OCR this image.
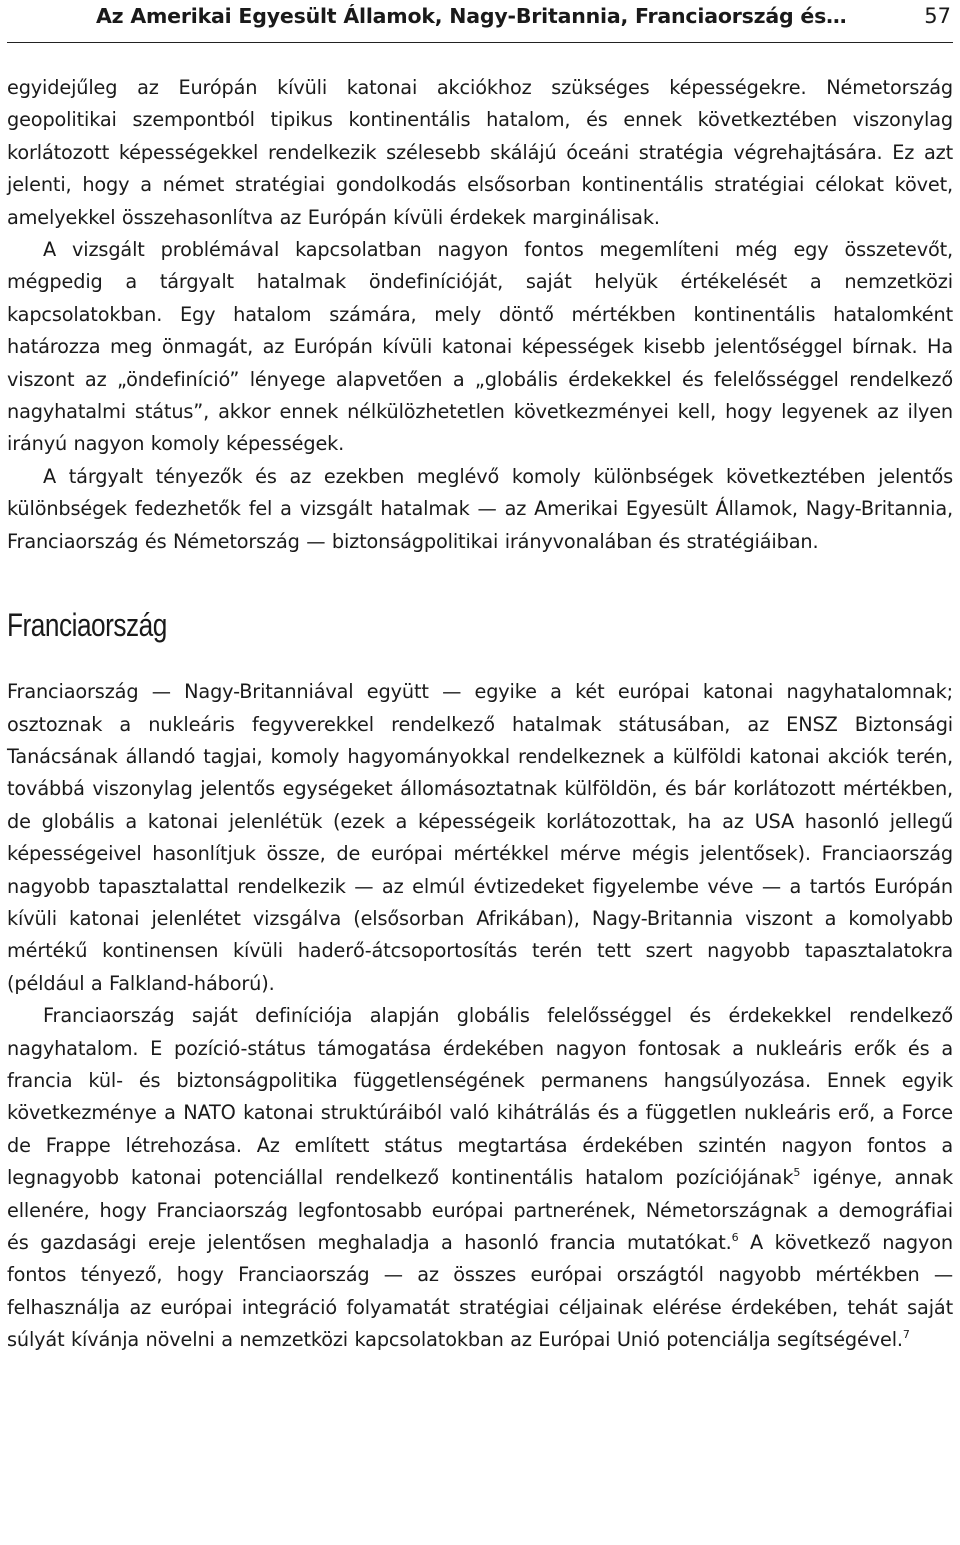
Az Amerikai Egyesült Államok, Nagy-Britannia, Franciaország és…	57

egyidejűleg az Európán kívüli katonai akciókhoz szükséges képességekre. Németország geopolitikai szempontból tipikus kontinentális hatalom, és ennek következtében viszonylag korlátozott képességekkel rendelkezik szélesebb skálájú óceáni stratégia végrehajtására. Ez azt jelenti, hogy a német stratégiai gondolkodás elsősorban kontinentális stratégiai célokat követ, amelyekkel összehasonlítva az Európán kívüli érdekek marginálisak.

A vizsgált problémával kapcsolatban nagyon fontos megemlíteni még egy összetevőt, mégpedig a tárgyalt hatalmak öndefinícióját, saját helyük értékelését a nemzetközi kapcsolatokban. Egy hatalom számára, mely döntő mértékben kontinentális hatalomként határozza meg önmagát, az Európán kívüli katonai képességek kisebb jelentőséggel bírnak. Ha viszont az „öndefiníció” lényege alapvetően a „globális érdekekkel és felelősséggel rendelkező nagyhatalmi státus”, akkor ennek nélkülözhetetlen következményei kell, hogy legyenek az ilyen irányú nagyon komoly képességek.

A tárgyalt tényezők és az ezekben meglévő komoly különbségek következtében jelentős különbségek fedezhetők fel a vizsgált hatalmak — az Amerikai Egyesült Államok, Nagy-Britannia, Franciaország és Németország — biztonságpolitikai irányvonalában és stratégiáiban.

Franciaország

Franciaország — Nagy-Britanniával együtt — egyike a két európai katonai nagyhatalomnak; osztoznak a nukleáris fegyverekkel rendelkező hatalmak státusában, az ENSZ Biztonsági Tanácsának állandó tagjai, komoly hagyományokkal rendelkeznek a külföldi katonai akciók terén, továbbá viszonylag jelentős egységeket állomásoztatnak külföldön, és bár korlátozott mértékben, de globális a katonai jelenlétük (ezek a képességeik korlátozottak, ha az USA hasonló jellegű képességeivel hasonlítjuk össze, de európai mértékkel mérve mégis jelentősek). Franciaország nagyobb tapasztalattal rendelkezik — az elmúl évtizedeket figyelembe véve — a tartós Európán kívüli katonai jelenlétet vizsgálva (elsősorban Afrikában), Nagy-Britannia viszont a komolyabb mértékű kontinensen kívüli haderő-átcsoportosítás terén tett szert nagyobb tapasztalatokra (például a Falkland-háború).

Franciaország saját definíciója alapján globális felelősséggel és érdekekkel rendelkező nagyhatalom. E pozíció-státus támogatása érdekében nagyon fontosak a nukleáris erők és a francia kül- és biztonságpolitika függetlenségének permanens hangsúlyozása. Ennek egyik következménye a NATO katonai struktúráiból való kihátrálás és a független nukleáris erő, a Force de Frappe létrehozása. Az említett státus megtartása érdekében szintén nagyon fontos a legnagyobb katonai potenciállal rendelkező kontinentális hatalom pozíciójának$^5$ igénye, annak ellenére, hogy Franciaország legfontosabb európai partnerének, Németországnak a demográfiai és gazdasági ereje jelentősen meghaladja a hasonló francia mutatókat.$^6$ A következő nagyon fontos tényező, hogy Franciaország — az összes európai országtól nagyobb mértékben — felhasználja az európai integráció folyamatát stratégiai céljainak elérése érdekében, tehát saját súlyát kívánja növelni a nemzetközi kapcsolatokban az Európai Unió potenciálja segítségével.$^7$
